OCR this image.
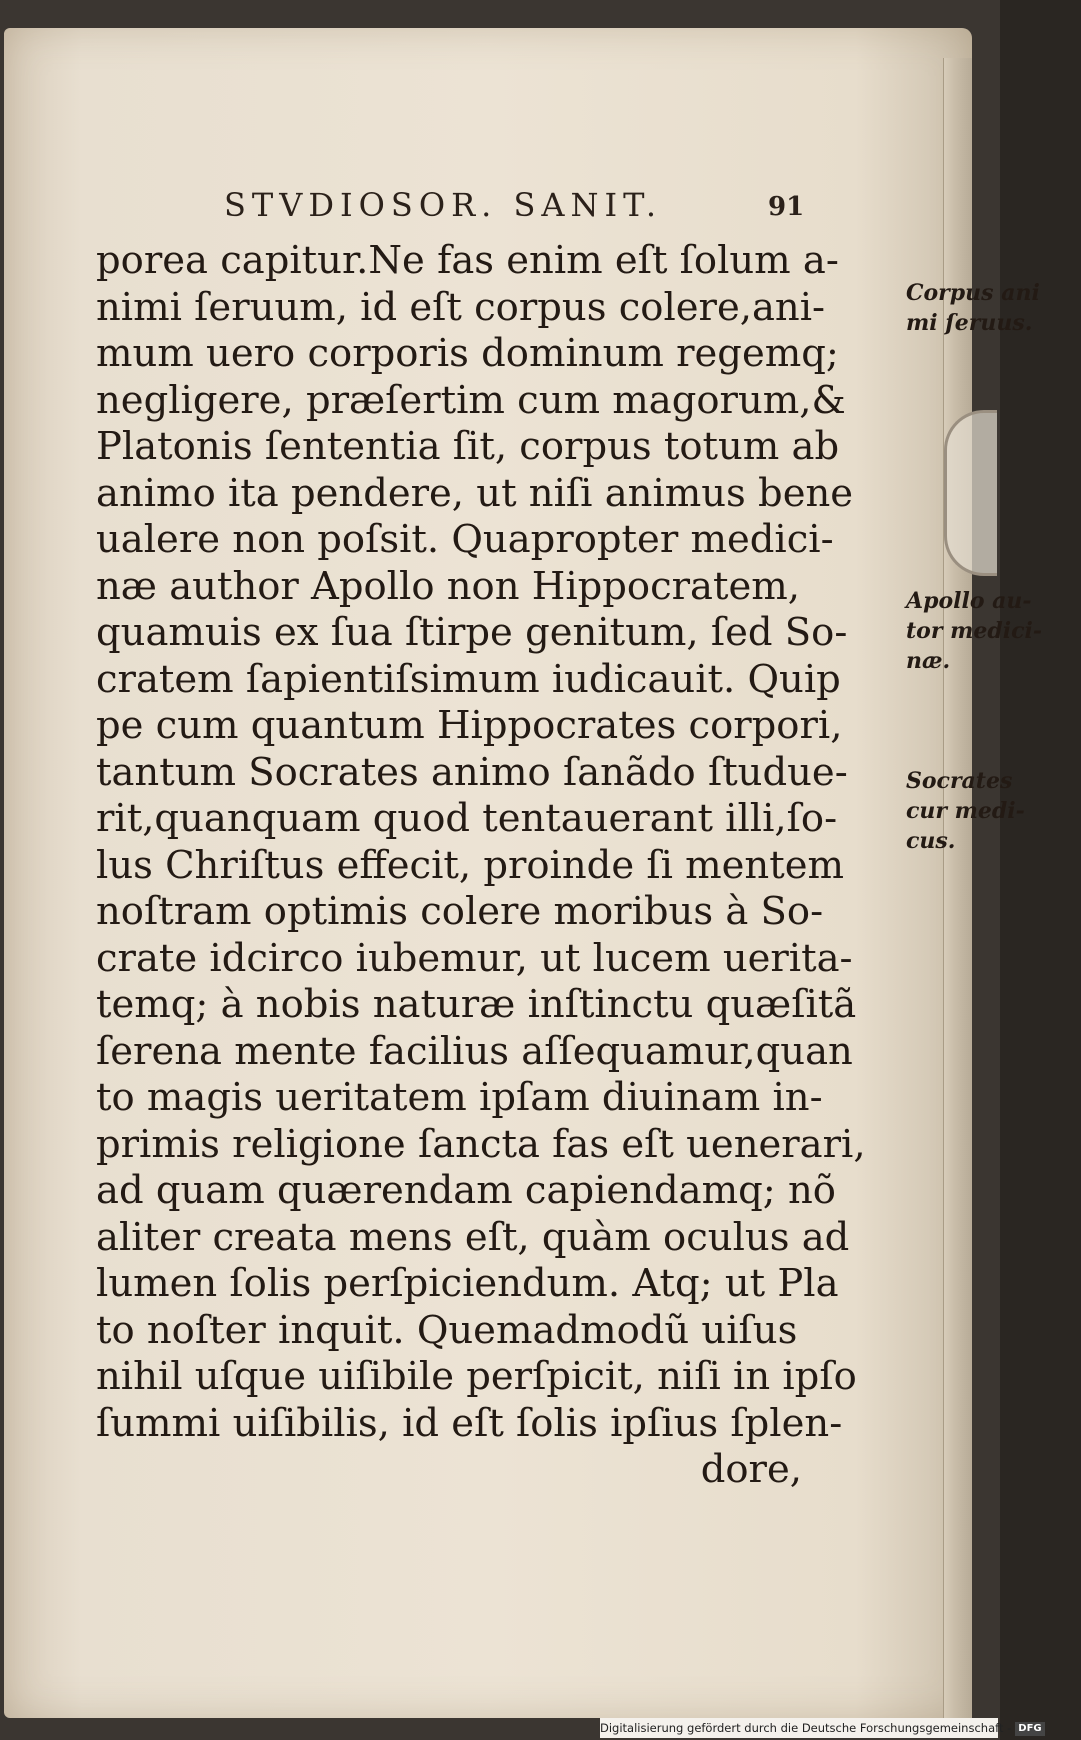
STVDIOSOR. SANIT.	91
porea capitur.Ne fas enim eſt ſolum a-
nimi ſeruum, id eſt corpus colere,ani-
mum uero corporis dominum regemq;
negligere, præſertim cum magorum,&
Platonis ſententia ſit, corpus totum ab
animo ita pendere, ut niſi animus bene
ualere non poſsit. Quapropter medici-
næ author Apollo non Hippocratem,
quamuis ex ſua ſtirpe genitum, ſed So-
cratem ſapientiſsimum iudicauit. Quip
pe cum quantum Hippocrates corpori,
tantum Socrates animo ſanãdo ſtudue-
rit,quanquam quod tentauerant illi,ſo-
lus Chriſtus effecit, proinde ſi mentem
noſtram optimis colere moribus à So-
crate idcirco iubemur, ut lucem uerita-
temq; à nobis naturæ inſtinctu quæſitã
ſerena mente facilius aſſequamur,quan
to magis ueritatem ipſam diuinam in-
primis religione ſancta fas eſt uenerari,
ad quam quærendam capiendamq; nõ
aliter creata mens eſt, quàm oculus ad
lumen ſolis perſpiciendum. Atq; ut Pla
to noſter inquit. Quemadmodũ uiſus
nihil uſque uiſibile perſpicit, niſi in ipſo
ſummi uiſibilis, id eſt ſolis ipſius ſplen-
dore,
Corpus ani
mi ſeruus.
Apollo au-
tor medici-
næ.
Socrates
cur medi-
cus.
Digitalisierung gefördert durch die Deutsche Forschungsgemeinschaft - DFG
